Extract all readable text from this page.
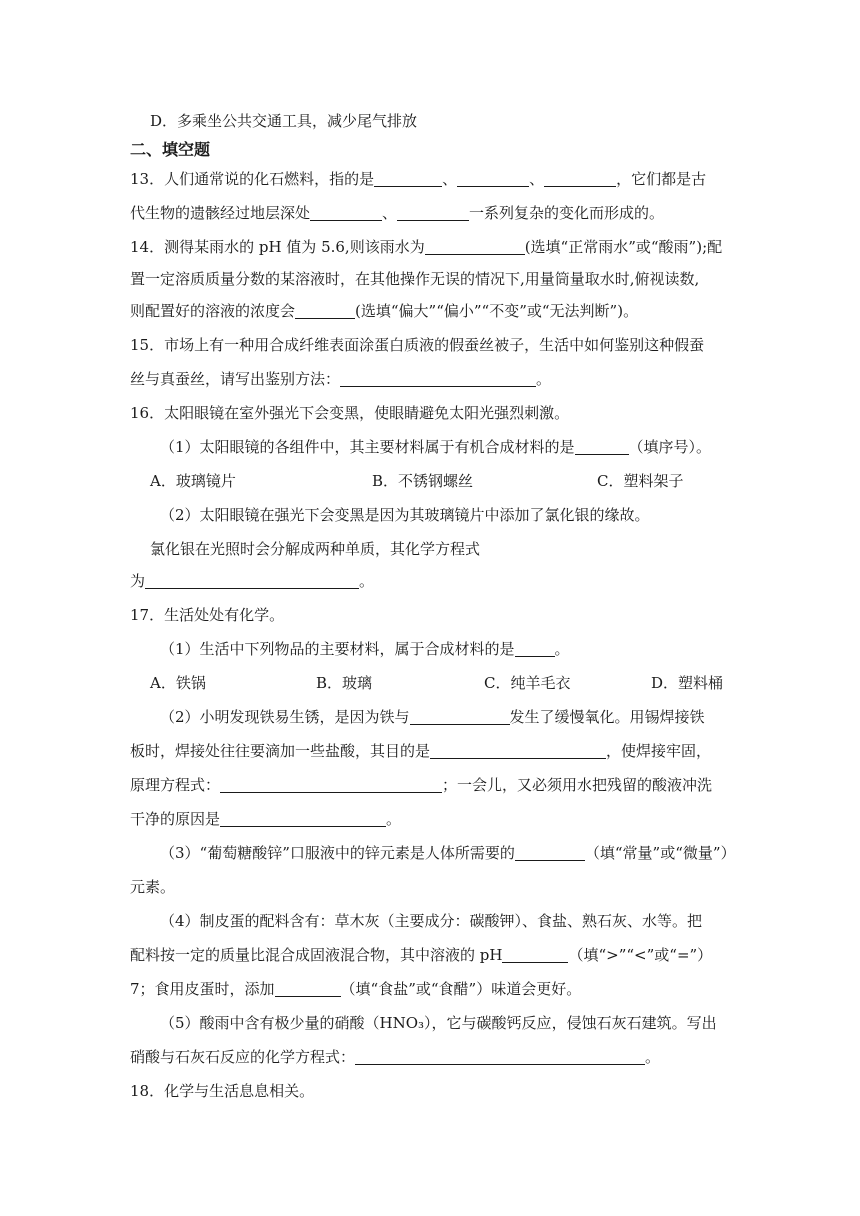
D．多乘坐公共交通工具，减少尾气排放
二、填空题
13．人们通常说的化石燃料，指的是	、	、	，它们都是古
代生物的遗骸经过地层深处	、	一系列复杂的变化而形成的。
14．测得某雨水的 pH 值为 5.6,则该雨水为	(选填“正常雨水”或“酸雨”);配
置一定溶质质量分数的某溶液时，在其他操作无误的情况下,用量筒量取水时,俯视读数,
则配置好的溶液的浓度会	(选填“偏大”“偏小”“不变”或“无法判断”)。
15．市场上有一种用合成纤维表面涂蛋白质液的假蚕丝被子，生活中如何鉴别这种假蚕
丝与真蚕丝，请写出鉴别方法：	。
16．太阳眼镜在室外强光下会变黑，使眼睛避免太阳光强烈刺激。
（1）太阳眼镜的各组件中，其主要材料属于有机合成材料的是	（填序号）。
A．玻璃镜片	B．不锈钢螺丝	C．塑料架子
（2）太阳眼镜在强光下会变黑是因为其玻璃镜片中添加了氯化银的缘故。
氯化银在光照时会分解成两种单质，其化学方程式
为	。
17．生活处处有化学。
（1）生活中下列物品的主要材料，属于合成材料的是	。
A．铁锅	B．玻璃	C．纯羊毛衣	D．塑料桶
（2）小明发现铁易生锈，是因为铁与	发生了缓慢氧化。用锡焊接铁
板时，焊接处往往要滴加一些盐酸，其目的是	，使焊接牢固，
原理方程式：	；一会儿，又必须用水把残留的酸液冲洗
干净的原因是	。
（3）“葡萄糖酸锌”口服液中的锌元素是人体所需要的	（填“常量”或“微量”）
元素。
（4）制皮蛋的配料含有：草木灰（主要成分：碳酸钾）、食盐、熟石灰、水等。把
配料按一定的质量比混合成固液混合物，其中溶液的 pH	（填“>”“<”或“=”）
7；食用皮蛋时，添加	（填“食盐”或“食醋”）味道会更好。
（5）酸雨中含有极少量的硝酸（HNO₃），它与碳酸钙反应，侵蚀石灰石建筑。写出
硝酸与石灰石反应的化学方程式：	。
18．化学与生活息息相关。
